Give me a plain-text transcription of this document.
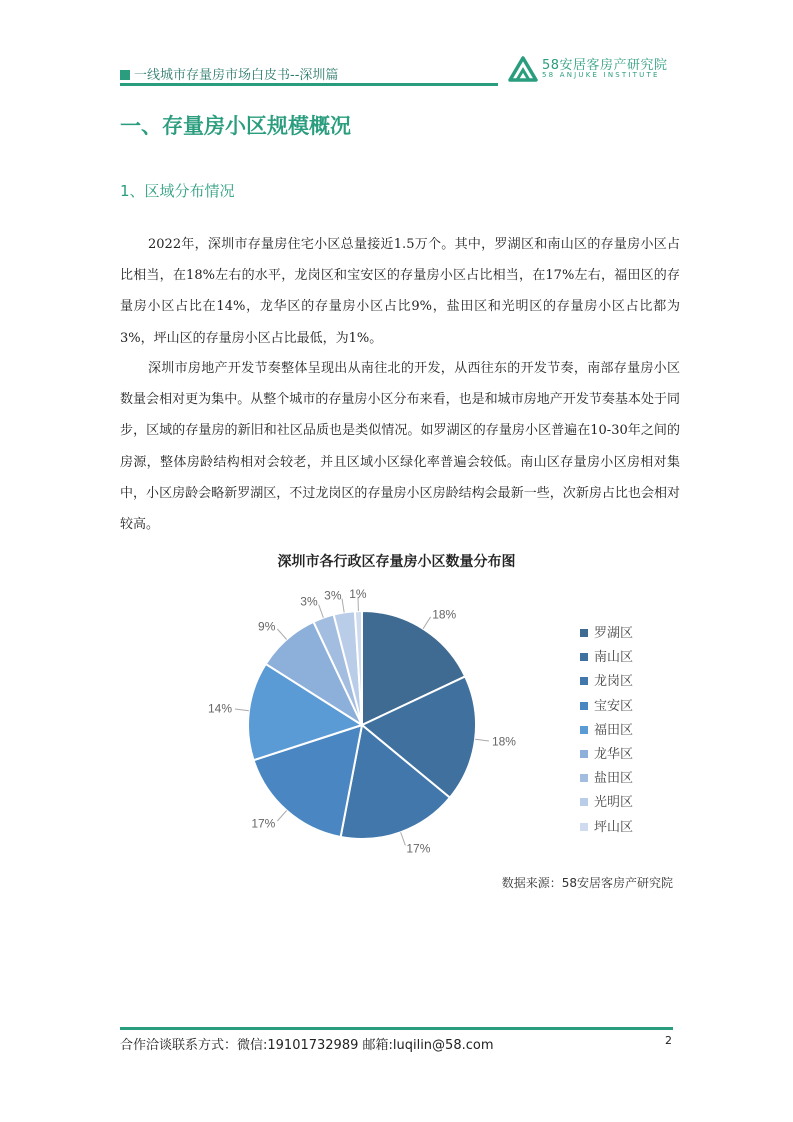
一线城市存量房市场白皮书--深圳篇
58安居客房产研究院
58 ANJUKE INSTITUTE
一、存量房小区规模概况
1、区域分布情况

2022年，深圳市存量房住宅小区总量接近1.5万个。其中，罗湖区和南山区的存量房小区占比相当，在18%左右的水平，龙岗区和宝安区的存量房小区占比相当，在17%左右，福田区的存量房小区占比在14%，龙华区的存量房小区占比9%，盐田区和光明区的存量房小区占比都为3%，坪山区的存量房小区占比最低，为1%。

深圳市房地产开发节奏整体呈现出从南往北的开发，从西往东的开发节奏，南部存量房小区数量会相对更为集中。从整个城市的存量房小区分布来看，也是和城市房地产开发节奏基本处于同步，区域的存量房的新旧和社区品质也是类似情况。如罗湖区的存量房小区普遍在10-30年之间的房源，整体房龄结构相对会较老，并且区域小区绿化率普遍会较低。南山区存量房小区房相对集中，小区房龄会略新罗湖区，不过龙岗区的存量房小区房龄结构会最新一些，次新房占比也会相对较高。

深圳市各行政区存量房小区数量分布图
18%
18%
17%
17%
14%
9%
3% 3% 1%
罗湖区
南山区
龙岗区
宝安区
福田区
龙华区
盐田区
光明区
坪山区
数据来源：58安居客房产研究院
合作洽谈联系方式：微信:19101732989 邮箱:luqilin@58.com	2
